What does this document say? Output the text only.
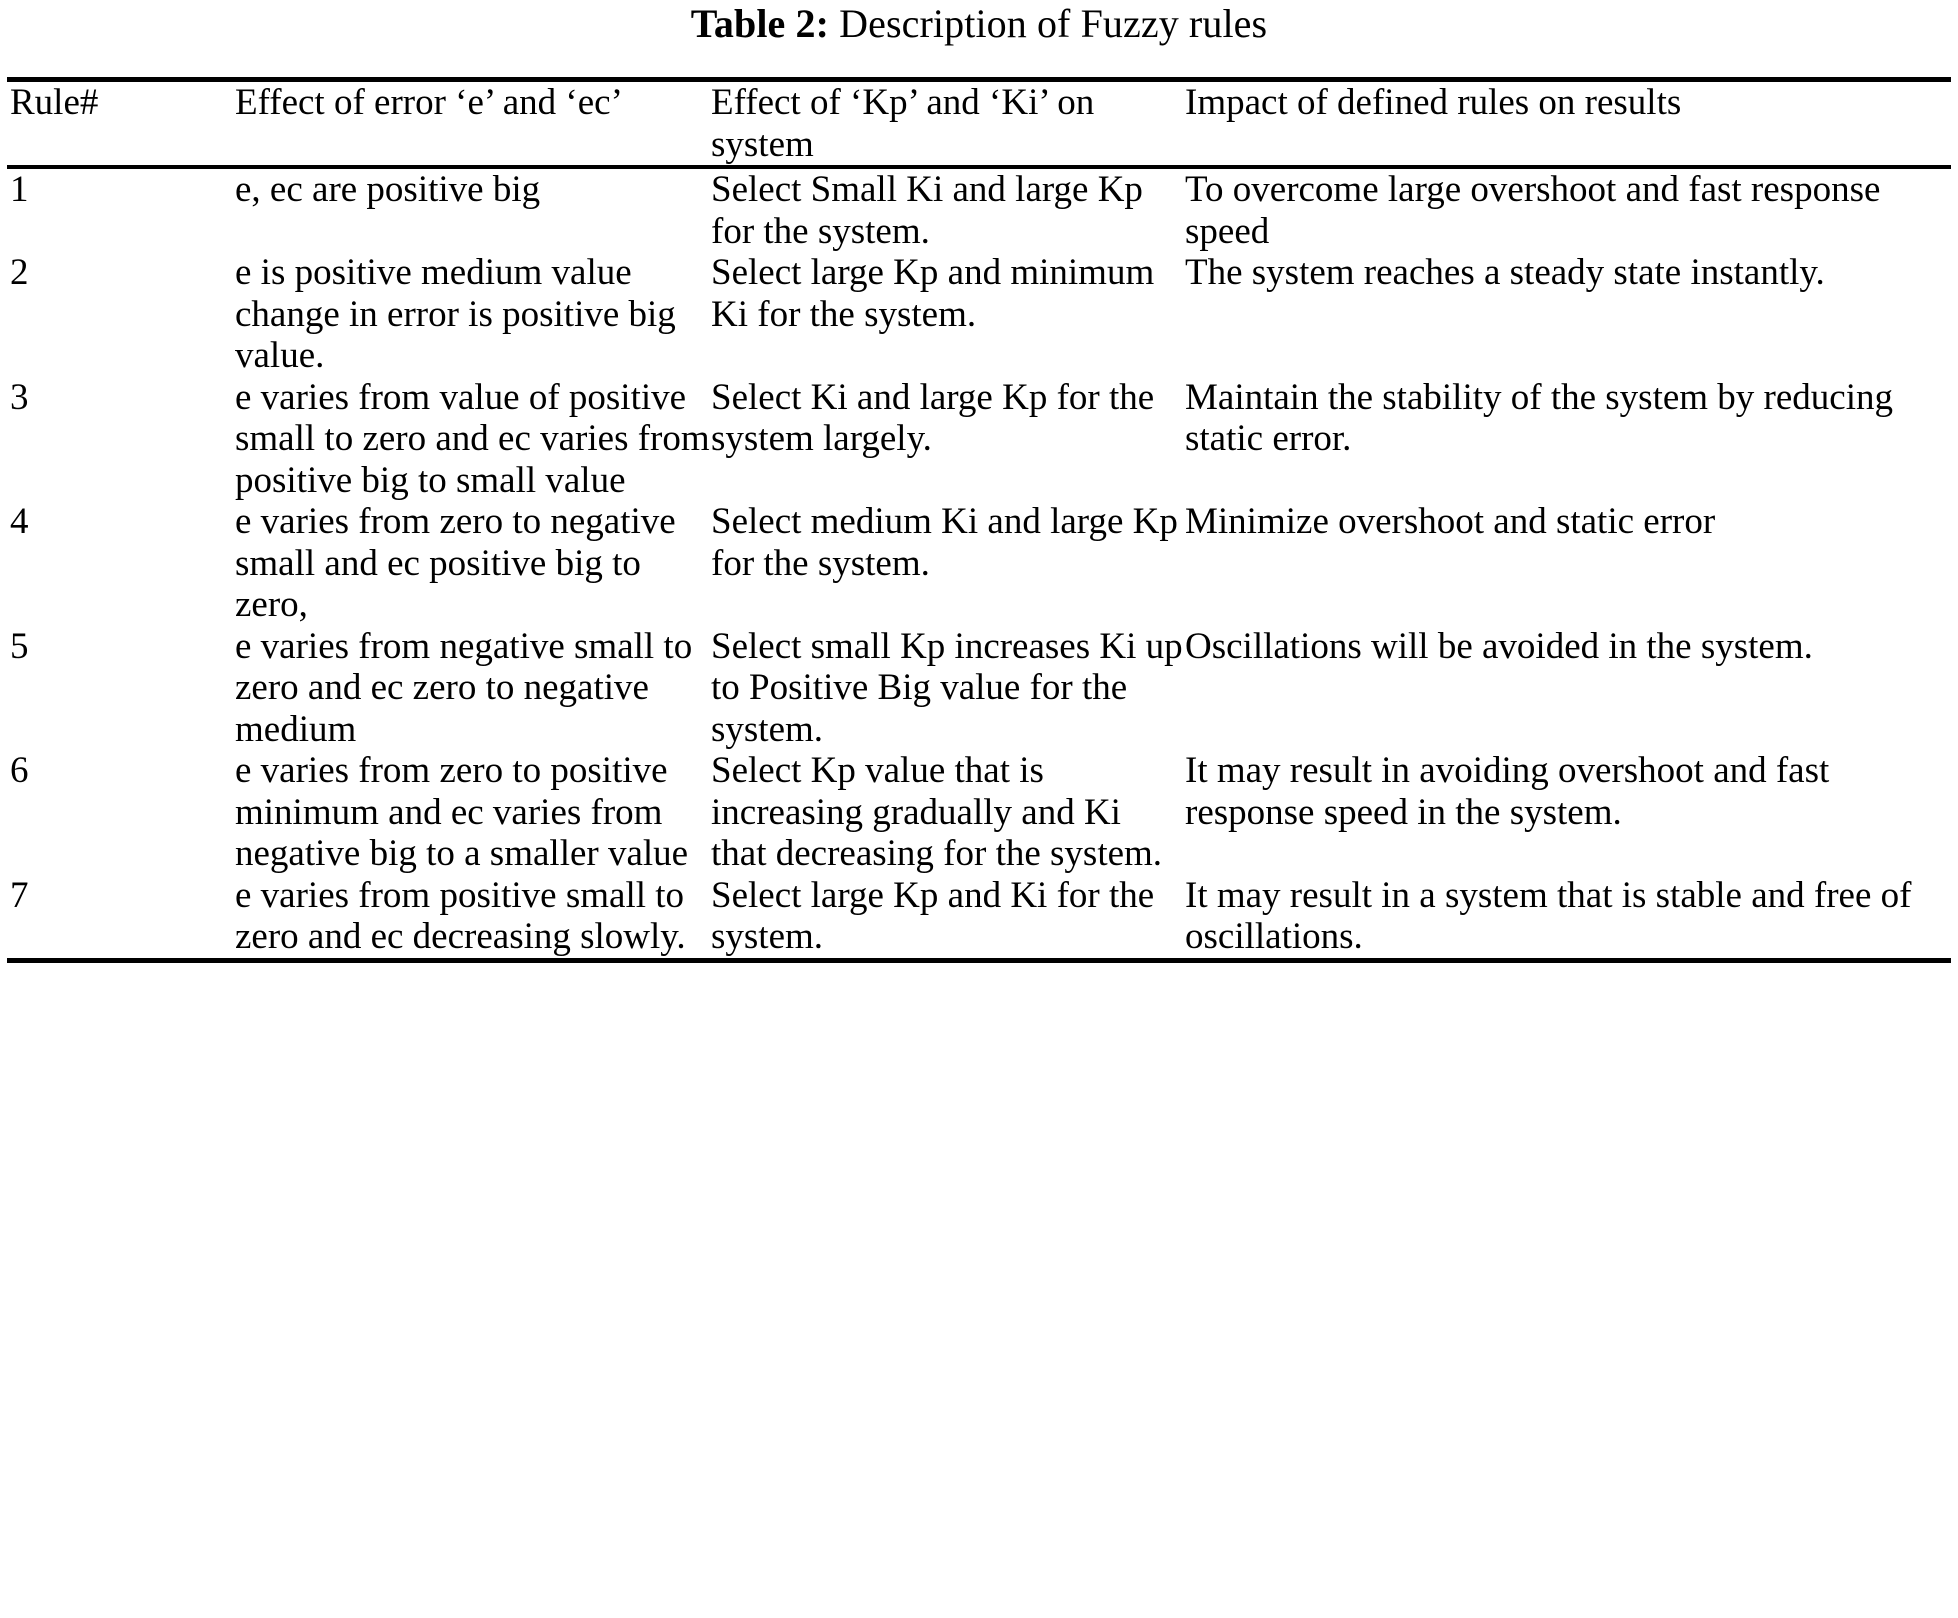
Table 2: Description of Fuzzy rules
Rule#	Effect of error ‘e’ and ‘ec’	Effect of ‘Kp’ and ‘Ki’ on system	Impact of defined rules on results
1	e, ec are positive big	Select Small Ki and large Kp for the system.	To overcome large overshoot and fast response speed
2	e is positive medium value change in error is positive big value.	Select large Kp and minimum Ki for the system.	The system reaches a steady state instantly.
3	e varies from value of positive small to zero and ec varies from positive big to small value	Select Ki and large Kp for the system largely.	Maintain the stability of the system by reducing static error.
4	e varies from zero to negative small and ec positive big to zero,	Select medium Ki and large Kp for the system.	Minimize overshoot and static error
5	e varies from negative small to zero and ec zero to negative medium	Select small Kp increases Ki up to Positive Big value for the system.	Oscillations will be avoided in the system.
6	e varies from zero to positive minimum and ec varies from negative big to a smaller value	Select Kp value that is increasing gradually and Ki that decreasing for the system.	It may result in avoiding overshoot and fast response speed in the system.
7	e varies from positive small to zero and ec decreasing slowly.	Select large Kp and Ki for the system.	It may result in a system that is stable and free of oscillations.
